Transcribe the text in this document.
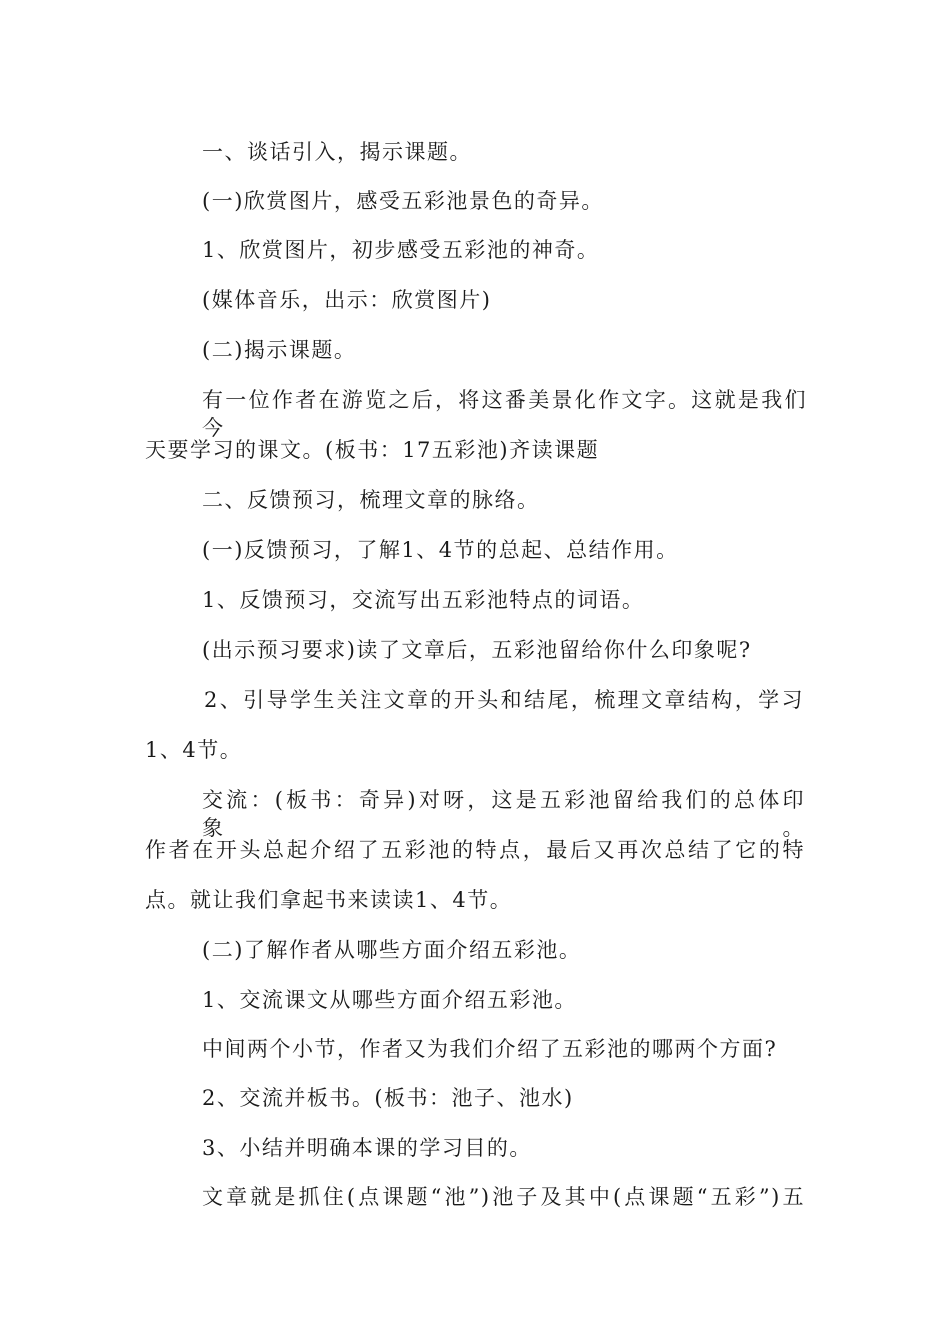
一、谈话引入，揭示课题。
(一)欣赏图片，感受五彩池景色的奇异。
1、欣赏图片，初步感受五彩池的神奇。
(媒体音乐，出示：欣赏图片)
(二)揭示课题。
有一位作者在游览之后，将这番美景化作文字。这就是我们今
天要学习的课文。(板书：17五彩池)齐读课题
二、反馈预习，梳理文章的脉络。
(一)反馈预习，了解1、4节的总起、总结作用。
1、反馈预习，交流写出五彩池特点的词语。
(出示预习要求)读了文章后，五彩池留给你什么印象呢?
2、引导学生关注文章的开头和结尾，梳理文章结构，学习
1、4节。
交流：(板书：奇异)对呀，这是五彩池留给我们的总体印象。
作者在开头总起介绍了五彩池的特点，最后又再次总结了它的特
点。就让我们拿起书来读读1、4节。
(二)了解作者从哪些方面介绍五彩池。
1、交流课文从哪些方面介绍五彩池。
中间两个小节，作者又为我们介绍了五彩池的哪两个方面?
2、交流并板书。(板书：池子、池水)
3、小结并明确本课的学习目的。
文章就是抓住(点课题“池”)池子及其中(点课题“五彩”)五
